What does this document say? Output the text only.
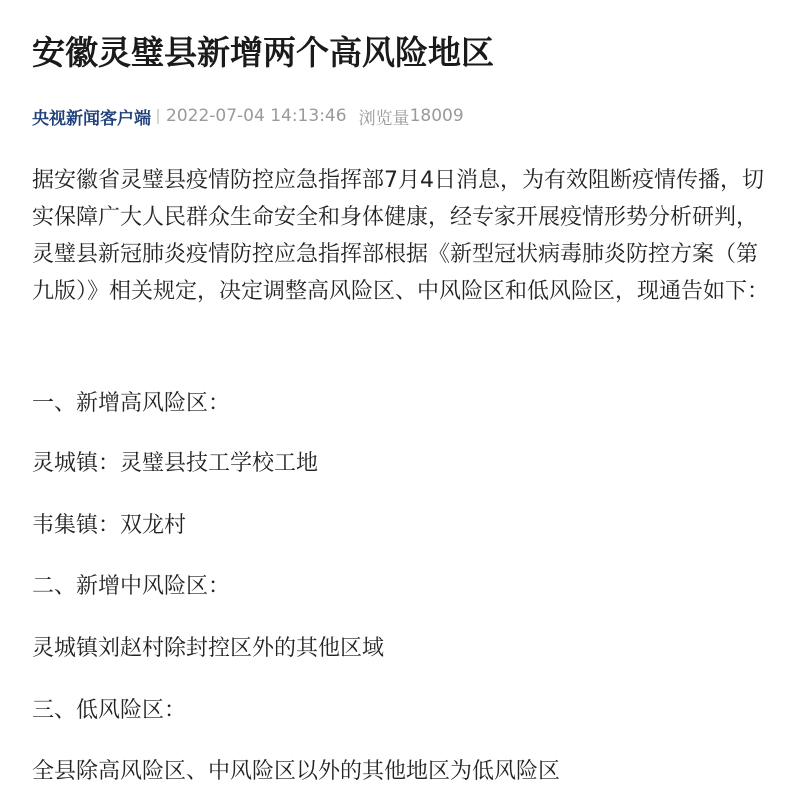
安徽灵璧县新增两个高风险地区
央视新闻客户端 2022-07-04 14:13:46 浏览量 18009

据安徽省灵璧县疫情防控应急指挥部7月4日消息，为有效阻断疫情传播，切实保障广大人民群众生命安全和身体健康，经专家开展疫情形势分析研判，灵璧县新冠肺炎疫情防控应急指挥部根据《新型冠状病毒肺炎防控方案（第九版）》相关规定，决定调整高风险区、中风险区和低风险区，现通告如下：

一、新增高风险区：

灵城镇：灵璧县技工学校工地

韦集镇：双龙村

二、新增中风险区：

灵城镇刘赵村除封控区外的其他区域

三、低风险区：

全县除高风险区、中风险区以外的其他地区为低风险区
